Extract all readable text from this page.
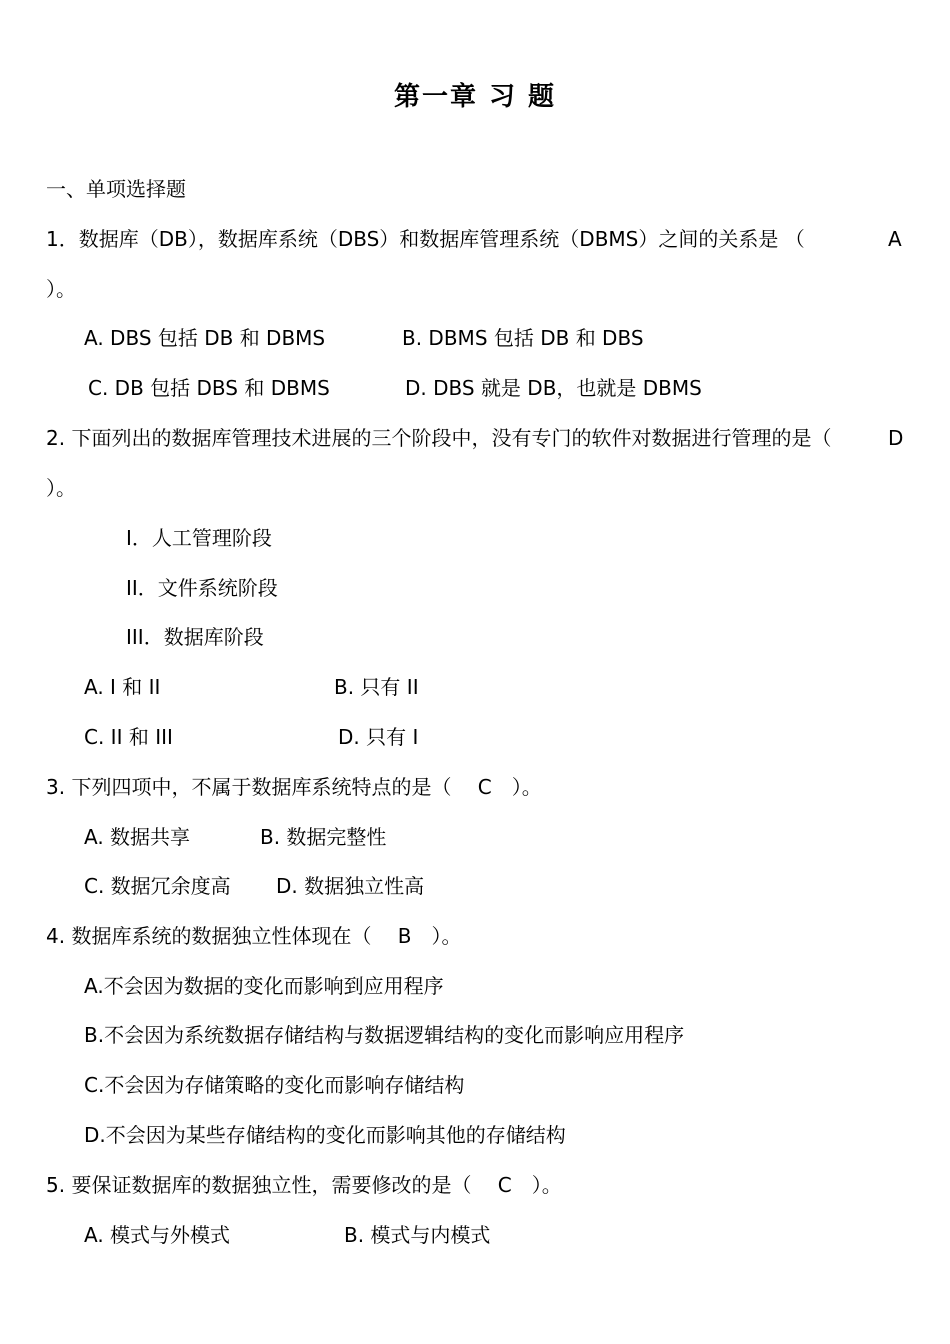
第一章 习 题
一、单项选择题
1．数据库（DB），数据库系统（DBS）和数据库管理系统（DBMS）之间的关系是 （	A
）。
A. DBS 包括 DB 和 DBMS	B. DBMS 包括 DB 和 DBS
C. DB 包括 DBS 和 DBMS	D. DBS 就是 DB，也就是 DBMS
2. 下面列出的数据库管理技术进展的三个阶段中，没有专门的软件对数据进行管理的是（	D
）。
I．人工管理阶段
II．文件系统阶段
III．数据库阶段
A. I 和 II	B. 只有 II
C. II 和 III	D. 只有 I
3. 下列四项中，不属于数据库系统特点的是（　 C　）。
A. 数据共享	B. 数据完整性
C. 数据冗余度高 D. 数据独立性高
4. 数据库系统的数据独立性体现在（　 B　）。
A.不会因为数据的变化而影响到应用程序
B.不会因为系统数据存储结构与数据逻辑结构的变化而影响应用程序
C.不会因为存储策略的变化而影响存储结构
D.不会因为某些存储结构的变化而影响其他的存储结构
5. 要保证数据库的数据独立性，需要修改的是（　 C　）。
A. 模式与外模式	B. 模式与内模式
